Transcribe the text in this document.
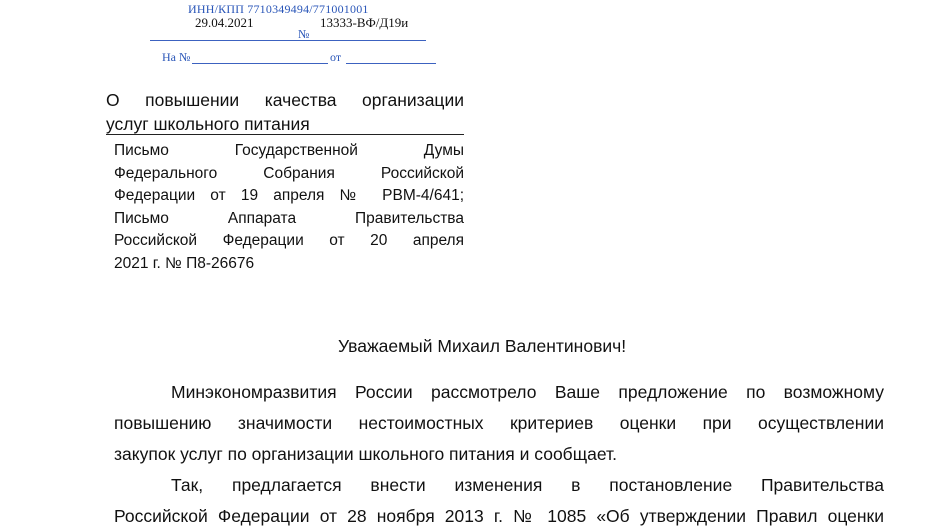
ИНН/КПП 7710349494/771001001
29.04.2021	13333-ВФ/Д19и
№
На №	от
О повышении качества организации
услуг школьного питания
Письмо Государственной Думы
Федерального Собрания Российской
Федерации от 19 апреля № РВМ-4/641;
Письмо Аппарата Правительства
Российской Федерации от 20 апреля
2021 г. № П8-26676
Уважаемый Михаил Валентинович!
Минэкономразвития России рассмотрело Ваше предложение по возможному
повышению значимости нестоимостных критериев оценки при осуществлении
закупок услуг по организации школьного питания и сообщает.
Так, предлагается внести изменения в постановление Правительства
Российской Федерации от 28 ноября 2013 г. № 1085 «Об утверждении Правил оценки
